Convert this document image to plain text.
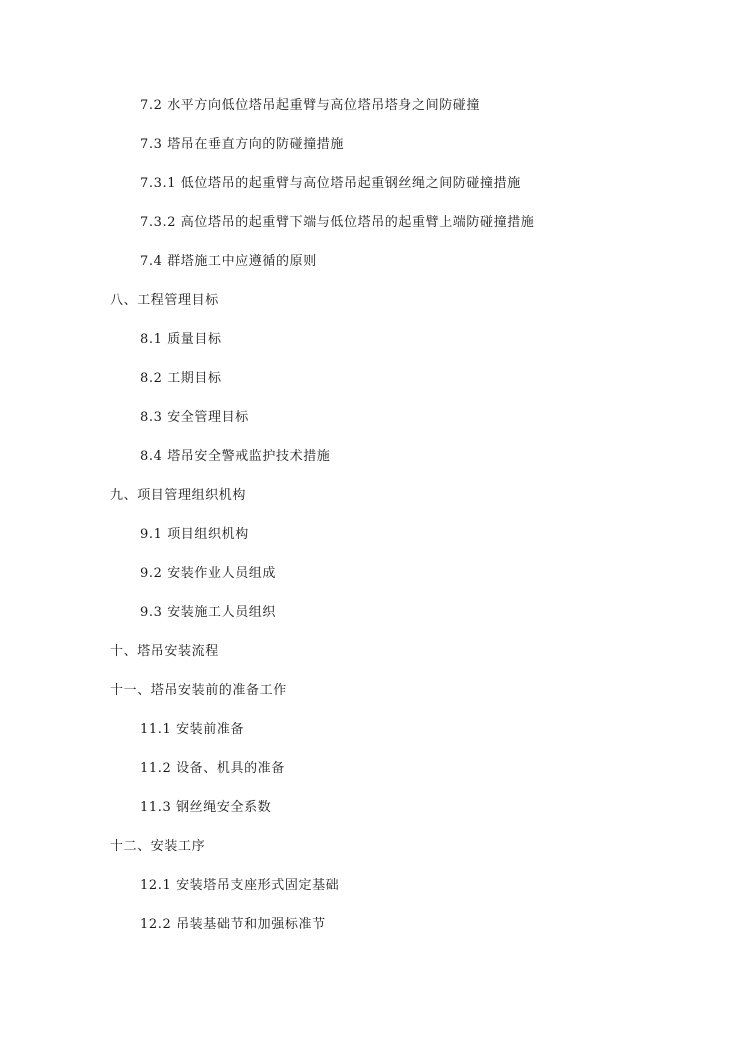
7.2 水平方向低位塔吊起重臂与高位塔吊塔身之间防碰撞
7.3 塔吊在垂直方向的防碰撞措施
7.3.1 低位塔吊的起重臂与高位塔吊起重钢丝绳之间防碰撞措施
7.3.2 高位塔吊的起重臂下端与低位塔吊的起重臂上端防碰撞措施
7.4 群塔施工中应遵循的原则
八、工程管理目标
8.1 质量目标
8.2 工期目标
8.3 安全管理目标
8.4 塔吊安全警戒监护技术措施
九、项目管理组织机构
9.1 项目组织机构
9.2 安装作业人员组成
9.3 安装施工人员组织
十、塔吊安装流程
十一、塔吊安装前的准备工作
11.1 安装前准备
11.2 设备、机具的准备
11.3 钢丝绳安全系数
十二、安装工序
12.1 安装塔吊支座形式固定基础
12.2 吊装基础节和加强标准节
